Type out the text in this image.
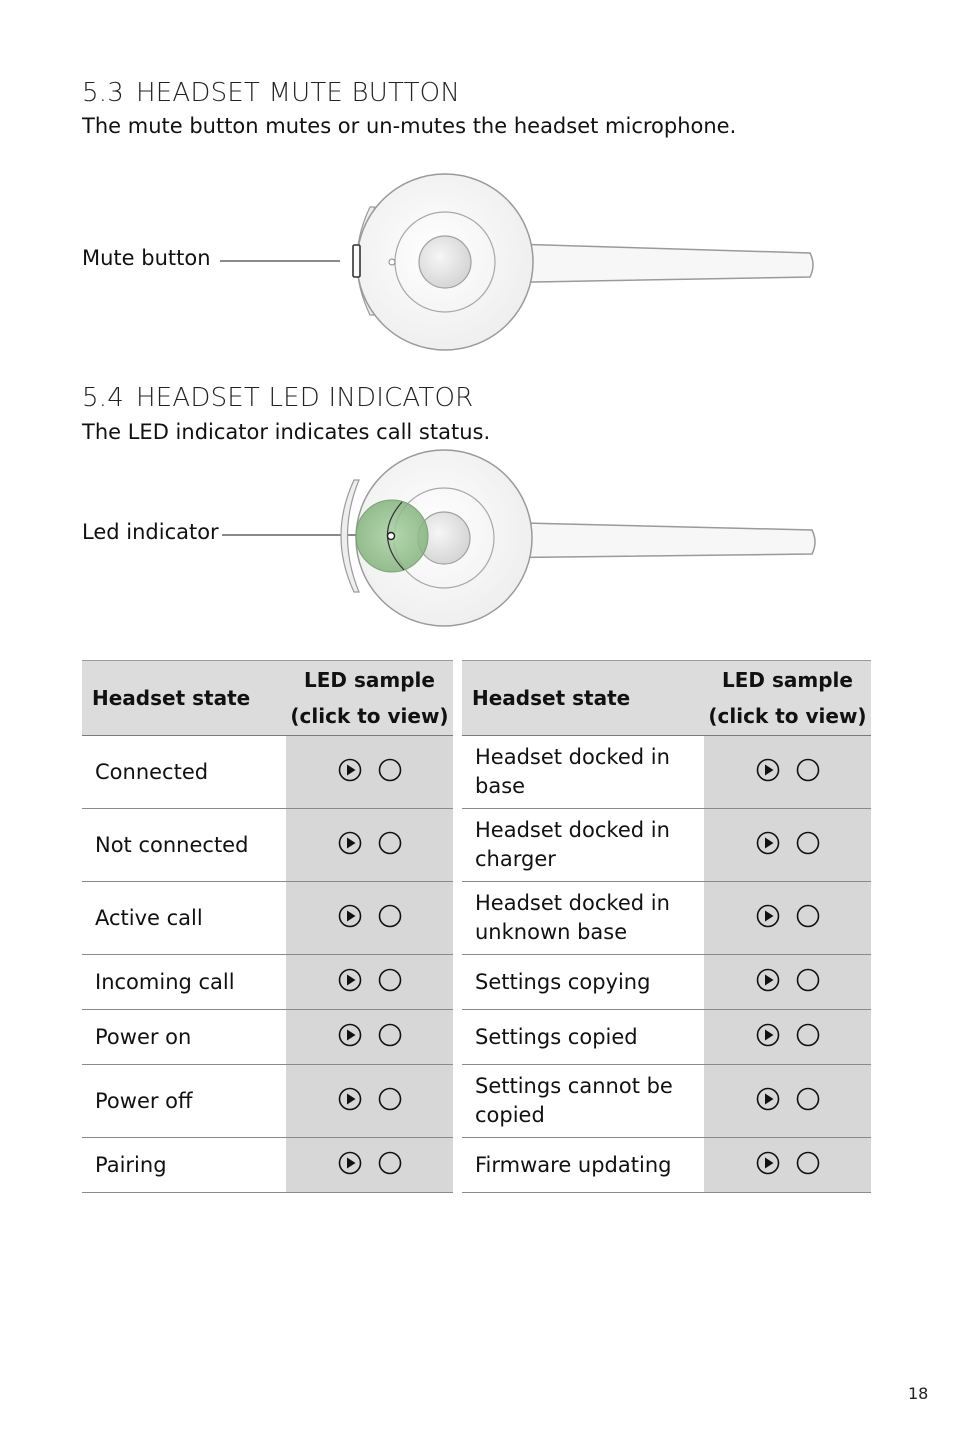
5.3 HEADSET MUTE BUTTON
The mute button mutes or un-mutes the headset microphone.
Mute button
5.4 HEADSET LED INDICATOR
The LED indicator indicates call status.
Led indicator
Headset state	LED sample
(click to view)

Connected	

Not connected	

Active call	

Incoming call	

Power on	

Power off	

Pairing	
Headset state	LED sample
(click to view)

Headset docked in base	

Headset docked in charger	

Headset docked in unknown base	

Settings copying	

Settings copied	

Settings cannot be copied	

Firmware updating	
18
